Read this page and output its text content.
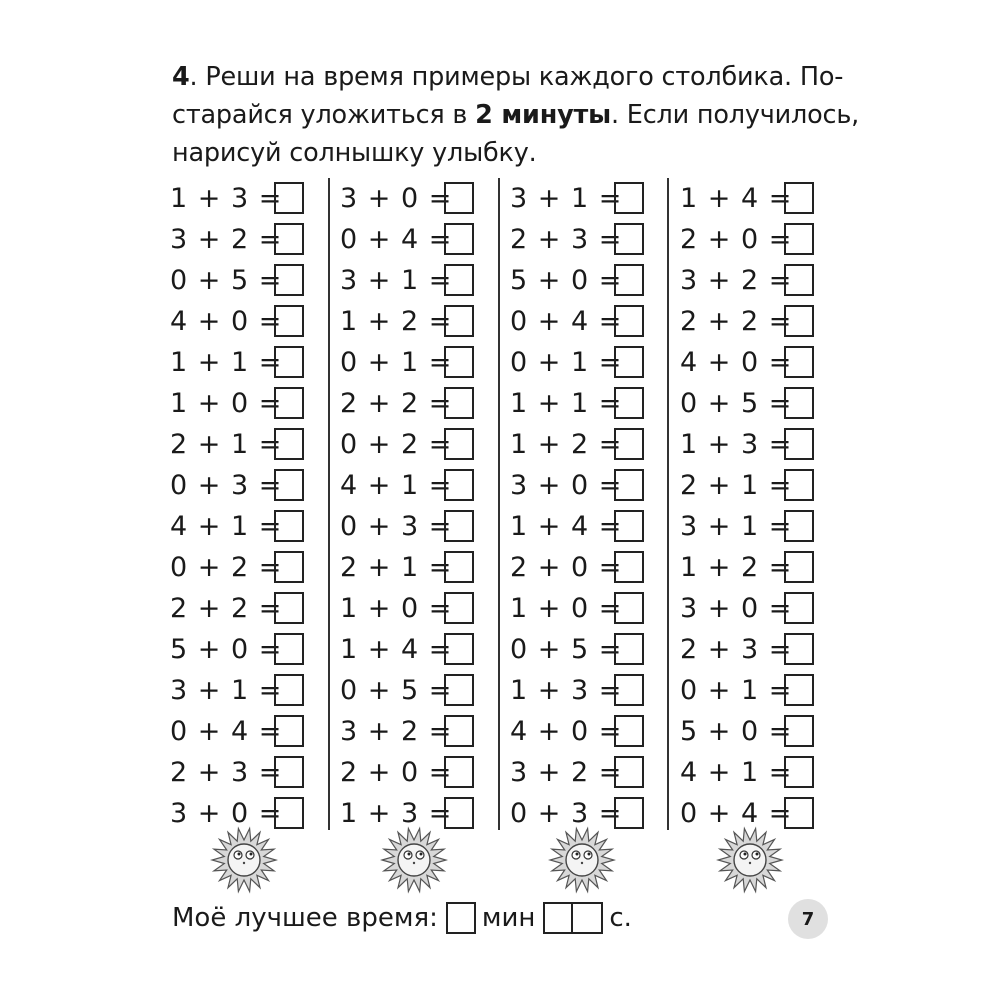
4. Реши на время примеры каждого столбика. По-

старайся уложиться в 2 минуты. Если получилось,

нарисуй солнышку улыбку.

1 + 3 =
3 + 2 =
0 + 5 =
4 + 0 =
1 + 1 =
1 + 0 =
2 + 1 =
0 + 3 =
4 + 1 =
0 + 2 =
2 + 2 =
5 + 0 =
3 + 1 =
0 + 4 =
2 + 3 =
3 + 0 =
3 + 0 =
0 + 4 =
3 + 1 =
1 + 2 =
0 + 1 =
2 + 2 =
0 + 2 =
4 + 1 =
0 + 3 =
2 + 1 =
1 + 0 =
1 + 4 =
0 + 5 =
3 + 2 =
2 + 0 =
1 + 3 =
3 + 1 =
2 + 3 =
5 + 0 =
0 + 4 =
0 + 1 =
1 + 1 =
1 + 2 =
3 + 0 =
1 + 4 =
2 + 0 =
1 + 0 =
0 + 5 =
1 + 3 =
4 + 0 =
3 + 2 =
0 + 3 =
1 + 4 =
2 + 0 =
3 + 2 =
2 + 2 =
4 + 0 =
0 + 5 =
1 + 3 =
2 + 1 =
3 + 1 =
1 + 2 =
3 + 0 =
2 + 3 =
0 + 1 =
5 + 0 =
4 + 1 =
0 + 4 =
Моё лучшее время: мин	с.	7
